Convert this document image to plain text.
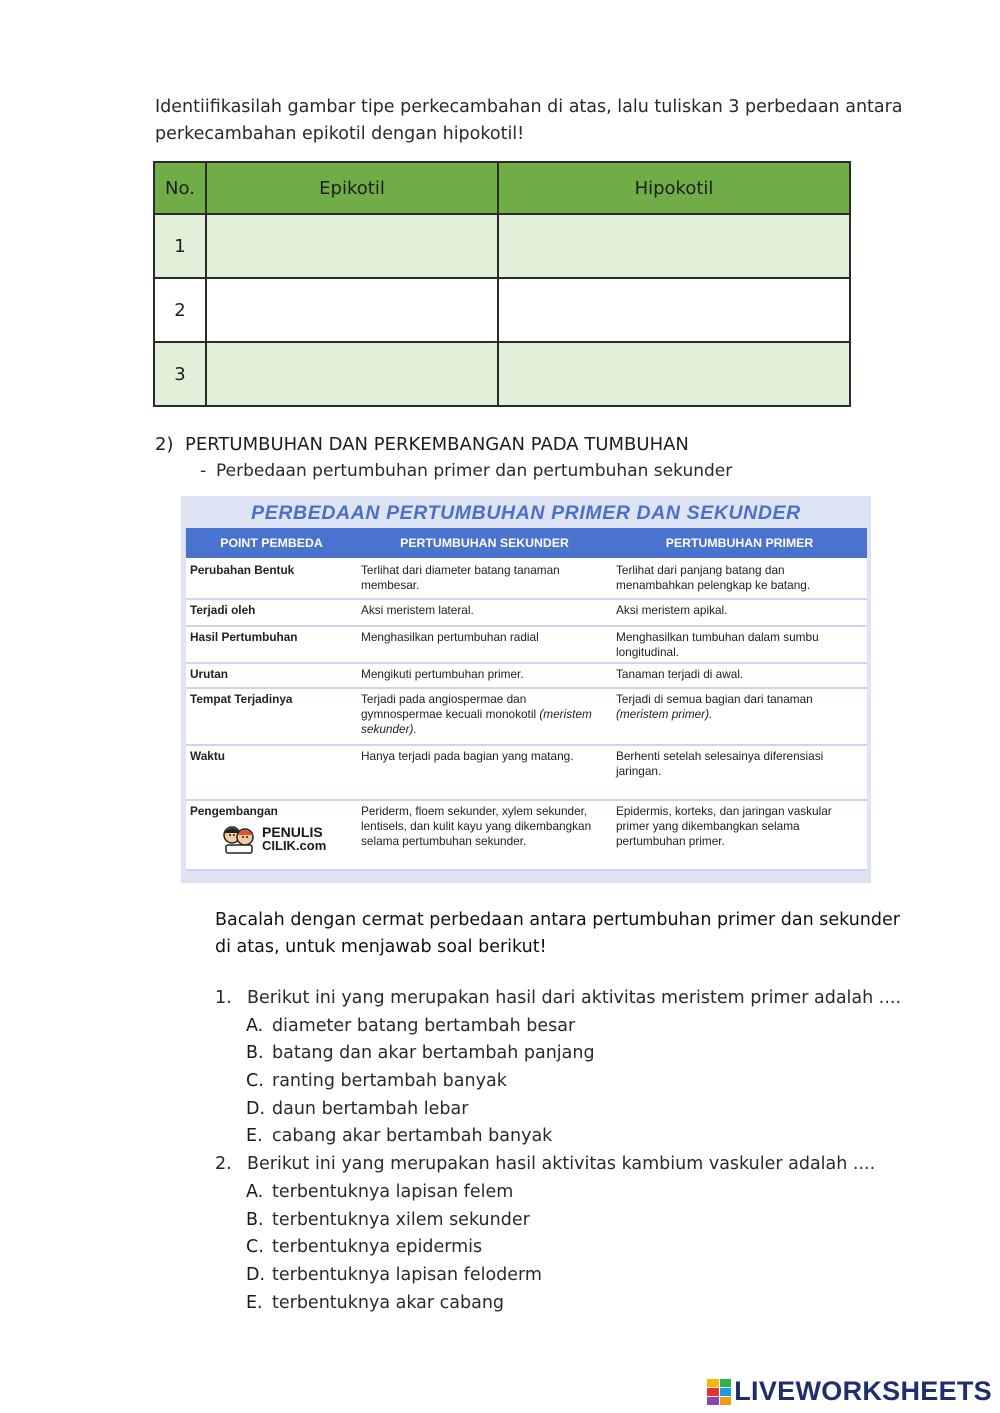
Identiifikasilah gambar tipe perkecambahan di atas, lalu tuliskan 3 perbedaan antara
perkecambahan epikotil dengan hipokotil!
No.	Epikotil	Hipokotil
1	

2	

3	

2) PERTUMBUHAN DAN PERKEMBANGAN PADA TUMBUHAN
- Perbedaan pertumbuhan primer dan pertumbuhan sekunder
PERBEDAAN PERTUMBUHAN PRIMER DAN SEKUNDER
POINT PEMBEDA	PERTUMBUHAN SEKUNDER	PERTUMBUHAN PRIMER
Perubahan Bentuk	Terlihat dari diameter batang tanaman membesar.	Terlihat dari panjang batang dan menambahkan pelengkap ke batang.
Terjadi oleh	Aksi meristem lateral.	Aksi meristem apikal.
Hasil Pertumbuhan	Menghasilkan pertumbuhan radial	Menghasilkan tumbuhan dalam sumbu longitudinal.
Urutan	Mengikuti pertumbuhan primer.	Tanaman terjadi di awal.
Tempat Terjadinya	Terjadi pada angiospermae dan gymnospermae kecuali monokotil (meristem sekunder).	Terjadi di semua bagian dari tanaman (meristem primer).
Waktu	Hanya terjadi pada bagian yang matang.	Berhenti setelah selesainya diferensiasi jaringan.

Pengembangan
PENULIS
CILIK.com	Periderm, floem sekunder, xylem sekunder, lentisels, dan kulit kayu yang dikembangkan selama pertumbuhan sekunder.	Epidermis, korteks, dan jaringan vaskular primer yang dikembangkan selama pertumbuhan primer.
Bacalah dengan cermat perbedaan antara pertumbuhan primer dan sekunder
di atas, untuk menjawab soal berikut!
1. Berikut ini yang merupakan hasil dari aktivitas meristem primer adalah ....
A. diameter batang bertambah besar
B. batang dan akar bertambah panjang
C. ranting bertambah banyak
D. daun bertambah lebar
E. cabang akar bertambah banyak
2. Berikut ini yang merupakan hasil aktivitas kambium vaskuler adalah ....
A. terbentuknya lapisan felem
B. terbentuknya xilem sekunder
C. terbentuknya epidermis
D. terbentuknya lapisan feloderm
E. terbentuknya akar cabang
LIVEWORKSHEETS
